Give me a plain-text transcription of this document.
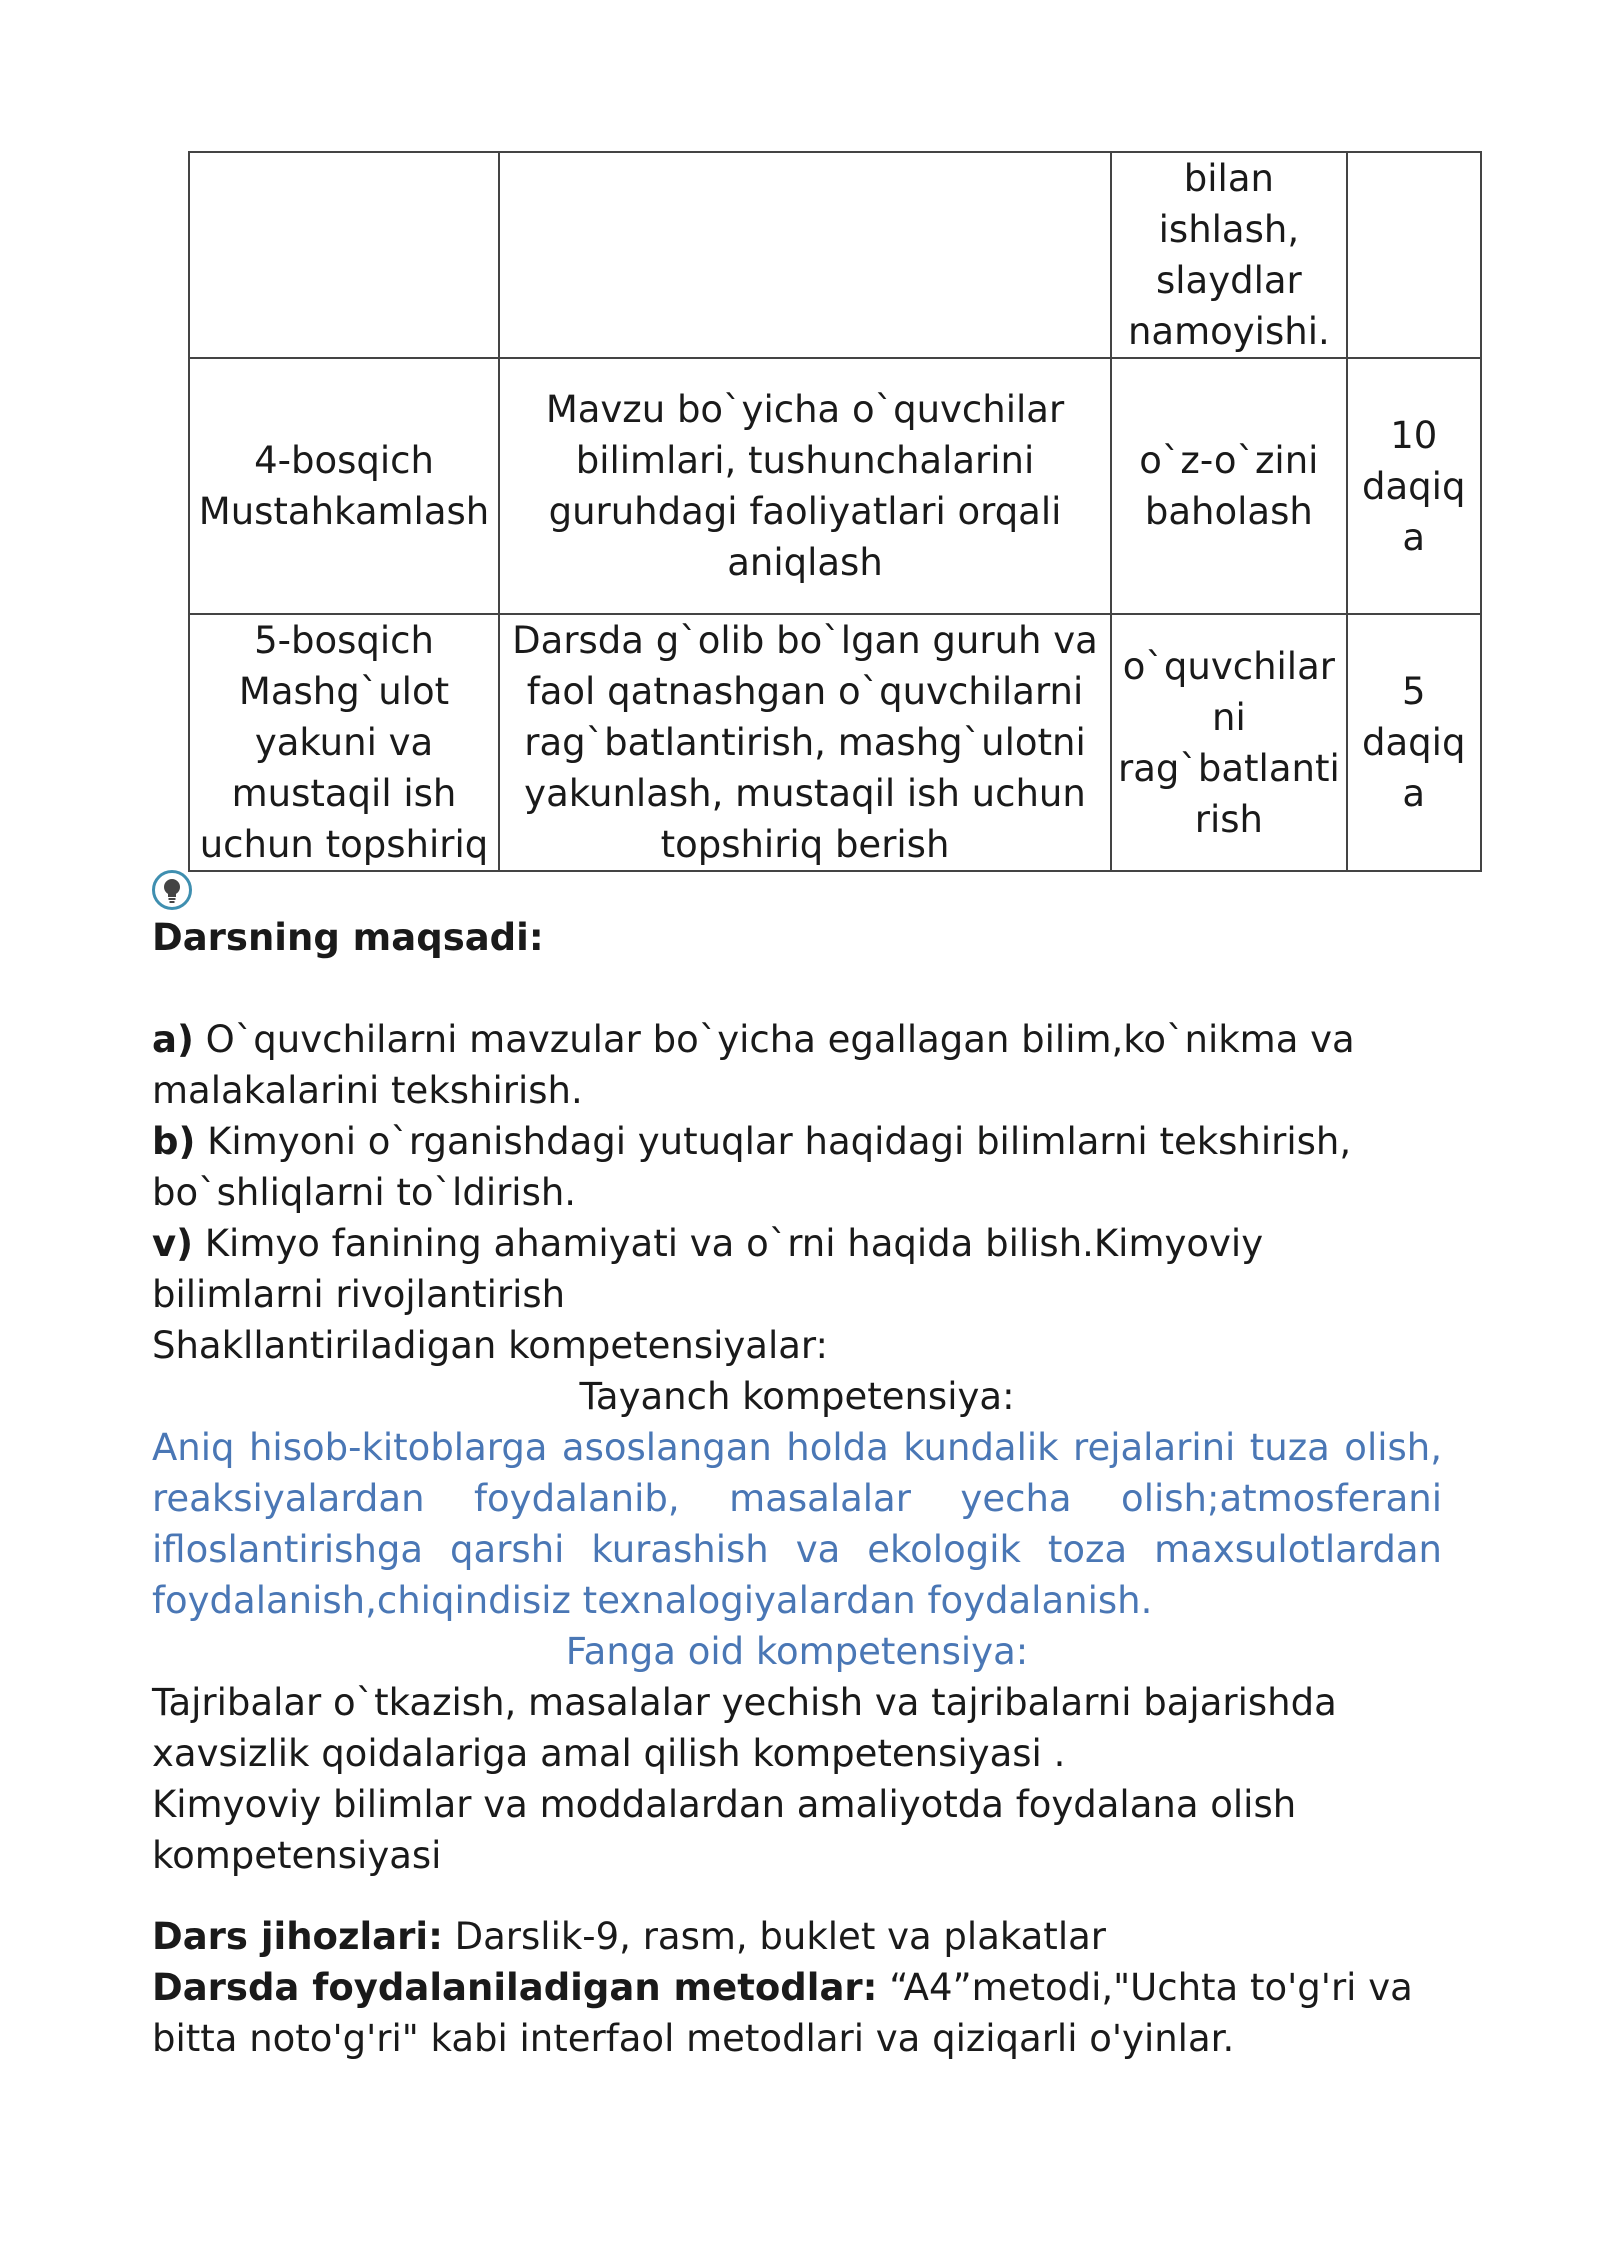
		bilan
ishlash,
slaydlar
namoyishi.	
4-bosqich
Mustahkamlash	Mavzu bo`yicha o`quvchilar
bilimlari, tushunchalarini
guruhdagi faoliyatlari orqali
aniqlash	o`z-o`zini
baholash	10
daqiq
a
5-bosqich
Mashg`ulot
yakuni va
mustaqil ish
uchun topshiriq	Darsda g`olib bo`lgan guruh va
faol qatnashgan o`quvchilarni
rag`batlantirish, mashg`ulotni
yakunlash, mustaqil ish uchun
topshiriq berish	o`quvchilar
ni
rag`batlanti
rish	5
daqiq
a

Darsning maqsadi:

a) O`quvchilarni mavzular bo`yicha egallagan bilim,ko`nikma va malakalarini tekshirish.

b) Kimyoni o`rganishdagi yutuqlar haqidagi bilimlarni tekshirish, bo`shliqlarni to`ldirish.

v) Kimyo fanining ahamiyati va o`rni haqida bilish.Kimyoviy bilimlarni rivojlantirish

Shakllantiriladigan kompetensiyalar:

Tayanch kompetensiya:

Aniq hisob-kitoblarga asoslangan holda kundalik rejalarini tuza olish,

reaksiyalardan foydalanib, masalalar yecha olish;atmosferani

ifloslantirishga qarshi kurashish va ekologik toza maxsulotlardan

foydalanish,chiqindisiz texnalogiyalardan foydalanish.

Fanga oid kompetensiya:

Tajribalar o`tkazish, masalalar yechish va tajribalarni bajarishda xavsizlik qoidalariga amal qilish kompetensiyasi .

Kimyoviy bilimlar va moddalardan amaliyotda foydalana olish kompetensiyasi

Dars jihozlari: Darslik-9, rasm, buklet va plakatlar

Darsda foydalaniladigan metodlar: “A4”metodi,"Uchta to'g'ri va bitta noto'g'ri" kabi interfaol metodlari va qiziqarli o'yinlar.
